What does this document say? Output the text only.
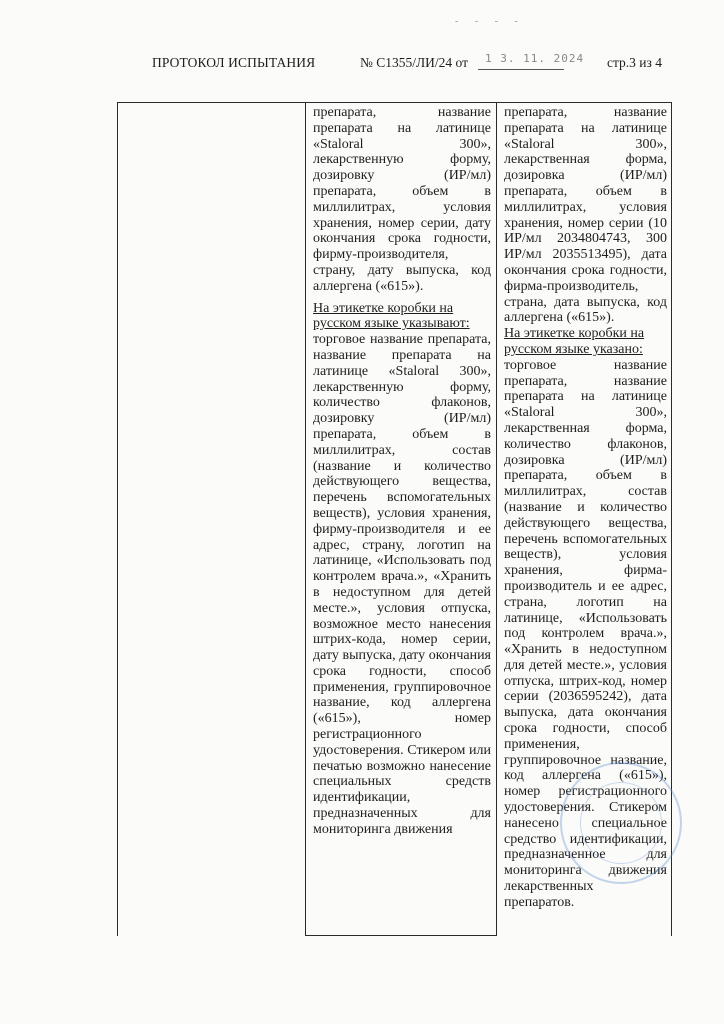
- - - -
ПРОТОКОЛ ИСПЫТАНИЯ	№ С1355/ЛИ/24 от 1 3. 11. 2024 стр.3 из 4

препарата, название препарата на латинице «Staloral 300», лекарственную форму, дозировку (ИР/мл) препарата, объем в миллилитрах, условия хранения, номер серии, дату окончания срока годности, фирму-производителя, страну, дату выпуска, код аллергена («615»).

На этикетке коробки на русском языке указывают:

торговое название препарата, название препарата на латинице «Staloral 300», лекарственную форму, количество флаконов, дозировку (ИР/мл) препарата, объем в миллилитрах, состав (название и количество действующего вещества, перечень вспомогательных веществ), условия хранения, фирму-производителя и ее адрес, страну, логотип на латинице, «Использовать под контролем врача.», «Хранить в недоступном для детей месте.», условия отпуска, возможное место нанесения штрих-кода, номер серии, дату выпуска, дату окончания срока годности, способ применения, группировочное название, код аллергена («615»), номер регистрационного удостоверения. Стикером или печатью возможно нанесение специальных средств идентификации, предназначенных для мониторинга движения

препарата, название препарата на латинице «Staloral 300», лекарственная форма, дозировка (ИР/мл) препарата, объем в миллилитрах, условия хранения, номер серии (10 ИР/мл 2034804743, 300 ИР/мл 2035513495), дата окончания срока годности, фирма-производитель, страна, дата выпуска, код аллергена («615»).

На этикетке коробки на русском языке указано:

торговое название препарата, название препарата на латинице «Staloral 300», лекарственная форма, количество флаконов, дозировка (ИР/мл) препарата, объем в миллилитрах, состав (название и количество действующего вещества, перечень вспомогательных веществ), условия хранения, фирма-производитель и ее адрес, страна, логотип на латинице, «Использовать под контролем врача.», «Хранить в недоступном для детей месте.», условия отпуска, штрих-код, номер серии (2036595242), дата выпуска, дата окончания срока годности, способ применения, группировочное название, код аллергена («615»), номер регистрационного удостоверения. Стикером нанесено специальное средство идентификации, предназначенное для мониторинга движения лекарственных препаратов.
